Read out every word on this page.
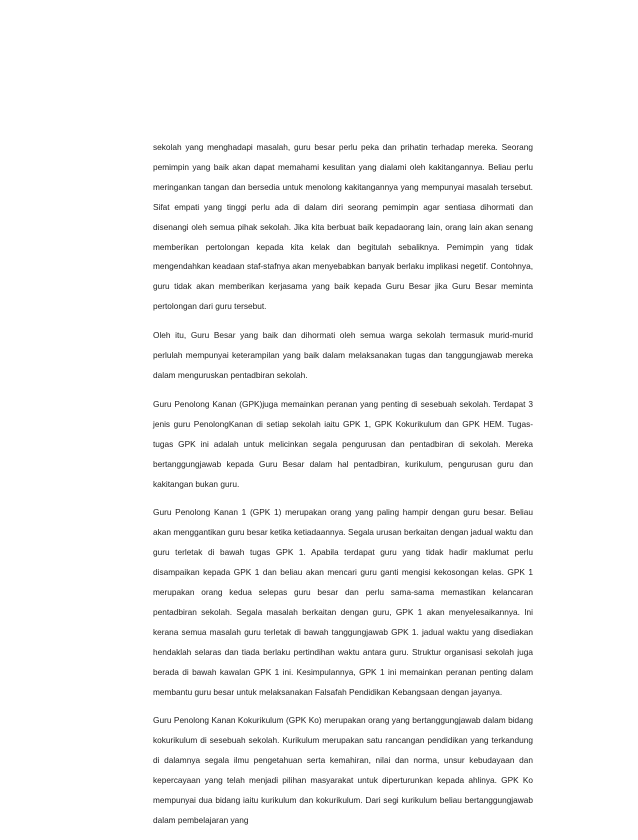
sekolah yang menghadapi masalah, guru besar perlu peka dan prihatin terhadap mereka. Seorang pemimpin yang baik akan dapat memahami kesulitan yang dialami oleh kakitangannya. Beliau perlu meringankan tangan dan bersedia untuk menolong kakitangannya yang mempunyai masalah tersebut. Sifat empati yang tinggi perlu ada di dalam diri seorang pemimpin agar sentiasa dihormati dan disenangi oleh semua pihak sekolah. Jika kita berbuat baik kepadaorang lain, orang lain akan senang memberikan pertolongan kepada kita kelak dan begitulah sebaliknya. Pemimpin yang tidak mengendahkan keadaan staf-stafnya akan menyebabkan banyak berlaku implikasi negetif. Contohnya, guru tidak akan memberikan kerjasama yang baik kepada Guru Besar jika Guru Besar meminta pertolongan dari guru tersebut.

Oleh itu, Guru Besar yang baik dan dihormati oleh semua warga sekolah termasuk murid-murid perlulah mempunyai keterampilan yang baik dalam melaksanakan tugas dan tanggungjawab mereka dalam menguruskan pentadbiran sekolah.

Guru Penolong Kanan (GPK)juga memainkan peranan yang penting di sesebuah sekolah. Terdapat 3 jenis guru PenolongKanan di setiap sekolah iaitu GPK 1, GPK Kokurikulum dan GPK HEM. Tugas-tugas GPK ini adalah untuk melicinkan segala pengurusan dan pentadbiran di sekolah. Mereka bertanggungjawab kepada Guru Besar dalam hal pentadbiran, kurikulum, pengurusan guru dan kakitangan bukan guru.

Guru Penolong Kanan 1 (GPK 1) merupakan orang yang paling hampir dengan guru besar. Beliau akan menggantikan guru besar ketika ketiadaannya. Segala urusan berkaitan dengan jadual waktu dan guru terletak di bawah tugas GPK 1. Apabila terdapat guru yang tidak hadir maklumat perlu disampaikan kepada GPK 1 dan beliau akan mencari guru ganti mengisi kekosongan kelas. GPK 1 merupakan orang kedua selepas guru besar dan perlu sama-sama memastikan kelancaran pentadbiran sekolah. Segala masalah berkaitan dengan guru, GPK 1 akan menyelesaikannya. Ini kerana semua masalah guru terletak di bawah tanggungjawab GPK 1. jadual waktu yang disediakan hendaklah selaras dan tiada berlaku pertindihan waktu antara guru. Struktur organisasi sekolah juga berada di bawah kawalan GPK 1 ini. Kesimpulannya, GPK 1 ini memainkan peranan penting dalam membantu guru besar untuk melaksanakan Falsafah Pendidikan Kebangsaan dengan jayanya.

Guru Penolong Kanan Kokurikulum (GPK Ko) merupakan orang yang bertanggungjawab dalam bidang kokurikulum di sesebuah sekolah. Kurikulum merupakan satu rancangan pendidikan yang terkandung di dalamnya segala ilmu pengetahuan serta kemahiran, nilai dan norma, unsur kebudayaan dan kepercayaan yang telah menjadi pilihan masyarakat untuk diperturunkan kepada ahlinya. GPK Ko mempunyai dua bidang iaitu kurikulum dan kokurikulum. Dari segi kurikulum beliau bertanggungjawab dalam pembelajaran yang
